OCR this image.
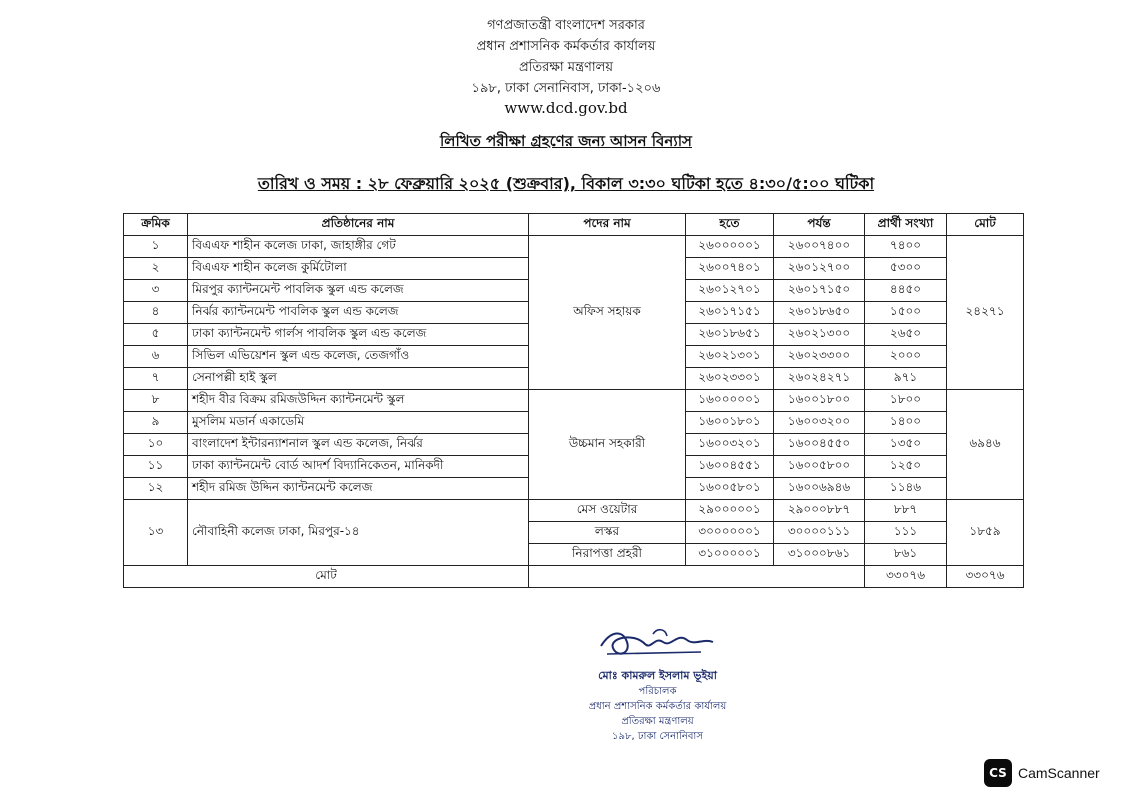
গণপ্রজাতন্ত্রী বাংলাদেশ সরকার
প্রধান প্রশাসনিক কর্মকর্তার কার্যালয়
প্রতিরক্ষা মন্ত্রণালয়
১৯৮, ঢাকা সেনানিবাস, ঢাকা-১২০৬
www.dcd.gov.bd
লিখিত পরীক্ষা গ্রহণের জন্য আসন বিন্যাস
তারিখ ও সময় : ২৮ ফেব্রুয়ারি ২০২৫ (শুক্রবার), বিকাল ৩:৩০ ঘটিকা হতে ৪:৩০/৫:০০ ঘটিকা
ক্রমিক	প্রতিষ্ঠানের নাম	পদের নাম	হতে	পর্যন্ত	প্রার্থী সংখ্যা	মোট
১	বিএএফ শাহীন কলেজ ঢাকা, জাহাঙ্গীর গেট	অফিস সহায়ক	২৬০০০০০১	২৬০০৭৪০০	৭৪০০	২৪২৭১
২	বিএএফ শাহীন কলেজ কুর্মিটোলা		২৬০০৭৪০১	২৬০১২৭০০	৫৩০০	
৩	মিরপুর ক্যান্টনমেন্ট পাবলিক স্কুল এন্ড কলেজ		২৬০১২৭০১	২৬০১৭১৫০	৪৪৫০	
৪	নির্ঝর ক্যান্টনমেন্ট পাবলিক স্কুল এন্ড কলেজ		২৬০১৭১৫১	২৬০১৮৬৫০	১৫০০	
৫	ঢাকা ক্যান্টনমেন্ট গার্লস পাবলিক স্কুল এন্ড কলেজ		২৬০১৮৬৫১	২৬০২১৩০০	২৬৫০	
৬	সিভিল এভিয়েশন স্কুল এন্ড কলেজ, তেজগাঁও		২৬০২১৩০১	২৬০২৩৩০০	২০০০	
৭	সেনাপল্লী হাই স্কুল		২৬০২৩৩০১	২৬০২৪২৭১	৯৭১	
৮	শহীদ বীর বিক্রম রমিজউদ্দিন ক্যান্টনমেন্ট স্কুল	উচ্চমান সহকারী	১৬০০০০০১	১৬০০১৮০০	১৮০০	৬৯৪৬
৯	মুসলিম মডার্ন একাডেমি		১৬০০১৮০১	১৬০০৩২০০	১৪০০	
১০	বাংলাদেশ ইন্টারন্যাশনাল স্কুল এন্ড কলেজ, নির্ঝর		১৬০০৩২০১	১৬০০৪৫৫০	১৩৫০	
১১	ঢাকা ক্যান্টনমেন্ট বোর্ড আদর্শ বিদ্যানিকেতন, মানিকদী		১৬০০৪৫৫১	১৬০০৫৮০০	১২৫০	
১২	শহীদ রমিজ উদ্দিন ক্যান্টনমেন্ট কলেজ		১৬০০৫৮০১	১৬০০৬৯৪৬	১১৪৬	
১৩	নৌবাহিনী কলেজ ঢাকা, মিরপুর-১৪	মেস ওয়েটার	২৯০০০০০১	২৯০০০৮৮৭	৮৮৭	১৮৫৯
		লস্কর	৩০০০০০০১	৩০০০০১১১	১১১	
		নিরাপত্তা প্রহরী	৩১০০০০০১	৩১০০০৮৬১	৮৬১	
মোট					৩৩০৭৬	৩৩০৭৬
মোঃ কামরুল ইসলাম ভূইয়া
পরিচালক
প্রধান প্রশাসনিক কর্মকর্তার কার্যালয়
প্রতিরক্ষা মন্ত্রণালয়
১৯৮, ঢাকা সেনানিবাস
CS CamScanner
